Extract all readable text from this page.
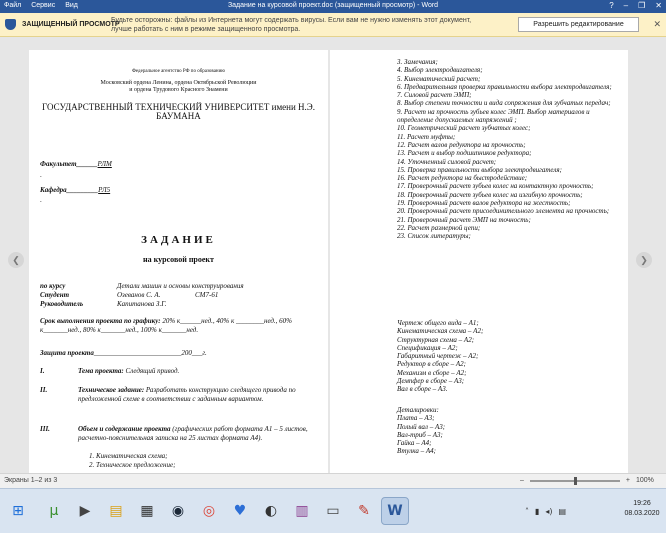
Файл Сервис Вид	Задание на курсовой проект.doc (защищенный просмотр) - Word	? – ❐ ✕
ЗАЩИЩЕННЫЙ ПРОСМОТР
Будьте осторожны: файлы из Интернета могут содержать вирусы. Если вам не нужно изменять этот документ, лучше работать с ним в режиме защищенного просмотра.
Разрешить редактирование	✕
❮	❯
Федеральное агентство РФ по образованию
Московский ордена Ленина, ордена Октябрьской Революции
и ордена Трудового Красного Знамени
ГОСУДАРСТВЕННЫЙ ТЕХНИЧЕСКИЙ УНИВЕРСИТЕТ имени Н.Э.
БАУМАНА
Факультет______РЛМ
.
Кафедра_________РЛ5
.
ЗАДАНИЕ
на курсовой проект
по курсу	Детали машин и основы конструирования
Студент	Озеванов С. А.	СМ7-61
Руководитель	Капитанова З.Г.
Срок выполнения проекта по графику: 20% к______нед., 40% к ________нед., 60% к_______нед., 80% к_______нед., 100% к_______нед.
Защита проекта_________________________200___г.
I.	Тема проекта: Следящий привод.
II.	Техническое задание: Разработать конструкцию следящего привода по предложенной схеме в соответствии с заданным вариантом.
III.	Объем и содержание проекта (графических работ формата А1 – 5 листов, расчетно-пояснительная записка на 25 листах формата А4).
1. Кинематическая схема;
2. Техническое предложение;
3. Замечания;
4. Выбор электродвигателя;
5. Кинематический расчет;
6. Предварительная проверка правильности выбора электродвигателя;
7. Силовой расчет ЭМП;
8. Выбор степени точности и вида сопряжения для зубчатых передач;
9. Расчет на прочность зубьев колес ЭМП. Выбор материалов и определение допускаемых напряжений ;
10. Геометрический расчет зубчатых колес;
11. Расчет муфты;
12. Расчет валов редуктора на прочность;
13. Расчет и выбор подшипников редуктора;
14. Уточненный силовой расчет;
15. Проверка правильности выбора электродвигателя;
16. Расчет редуктора на быстродействие;
17. Проверочный расчет зубьев колес на контактную прочность;
18. Проверочный расчет зубьев колес на изгибную прочность;
19. Проверочный расчет валов редуктора на жесткость;
20. Проверочный расчет присоединительного элемента на прочность;
21. Проверочный расчет ЭМП на точность;
22. Расчет размерной цепи;
23. Список литературы;
Чертеж общего вида – А1;
Кинематическая схема – А2;
Структурная схема – А2;
Спецификация – А2;
Габаритный чертеж – А2;
Редуктор в сборе – А2;
Механизм в сборе – А2;
Демпфер в сборе – А3;
Вал в сборе – А3.
Деталировки:
Плата – А3;
Полый вал – А3;
Вал-триб – А3;
Гайка – А4;
Втулка – А4;
Экраны 1–2 из 3	–	+ 100%
⊞	µ	▶	▤	▦	◉	◎	♥	◐	▥	▭	✎	W	˄ ▮ ◂) ▤
19:26
08.03.2020
